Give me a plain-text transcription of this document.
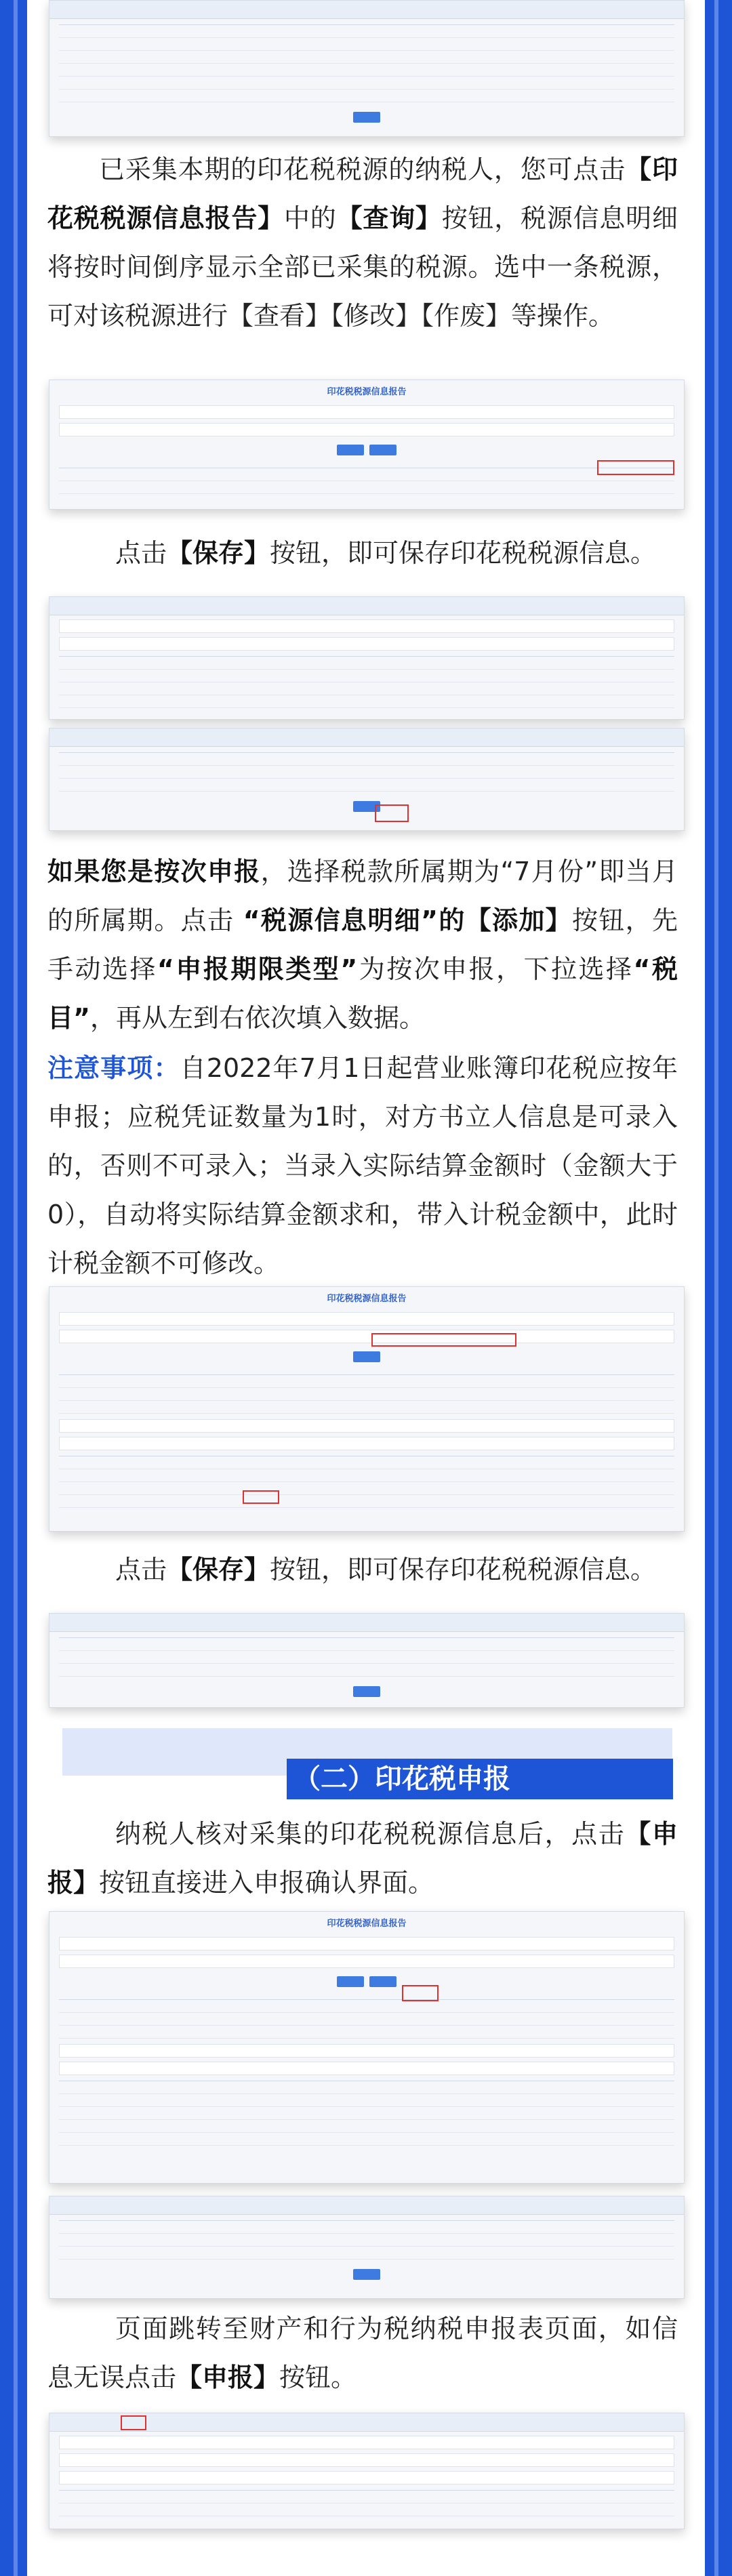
已采集本期的印花税税源的纳税人，您可点击【印花税税源信息报告】中的【查询】按钮，税源信息明细将按时间倒序显示全部已采集的税源。选中一条税源，可对该税源进行【查看】【修改】【作废】等操作。
印花税税源信息报告
点击【保存】按钮，即可保存印花税税源信息。
如果您是按次申报，选择税款所属期为“7月份”即当月的所属期。点击 “税源信息明细”的【添加】按钮，先手动选择“申报期限类型”为按次申报，下拉选择“税目”，再从左到右依次填入数据。
注意事项：自2022年7月1日起营业账簿印花税应按年申报；应税凭证数量为1时，对方书立人信息是可录入的，否则不可录入；当录入实际结算金额时（金额大于0），自动将实际结算金额求和，带入计税金额中，此时计税金额不可修改。
印花税税源信息报告
点击【保存】按钮，即可保存印花税税源信息。
（二）印花税申报
纳税人核对采集的印花税税源信息后，点击【申报】按钮直接进入申报确认界面。
印花税税源信息报告
页面跳转至财产和行为税纳税申报表页面，如信息无误点击【申报】按钮。
